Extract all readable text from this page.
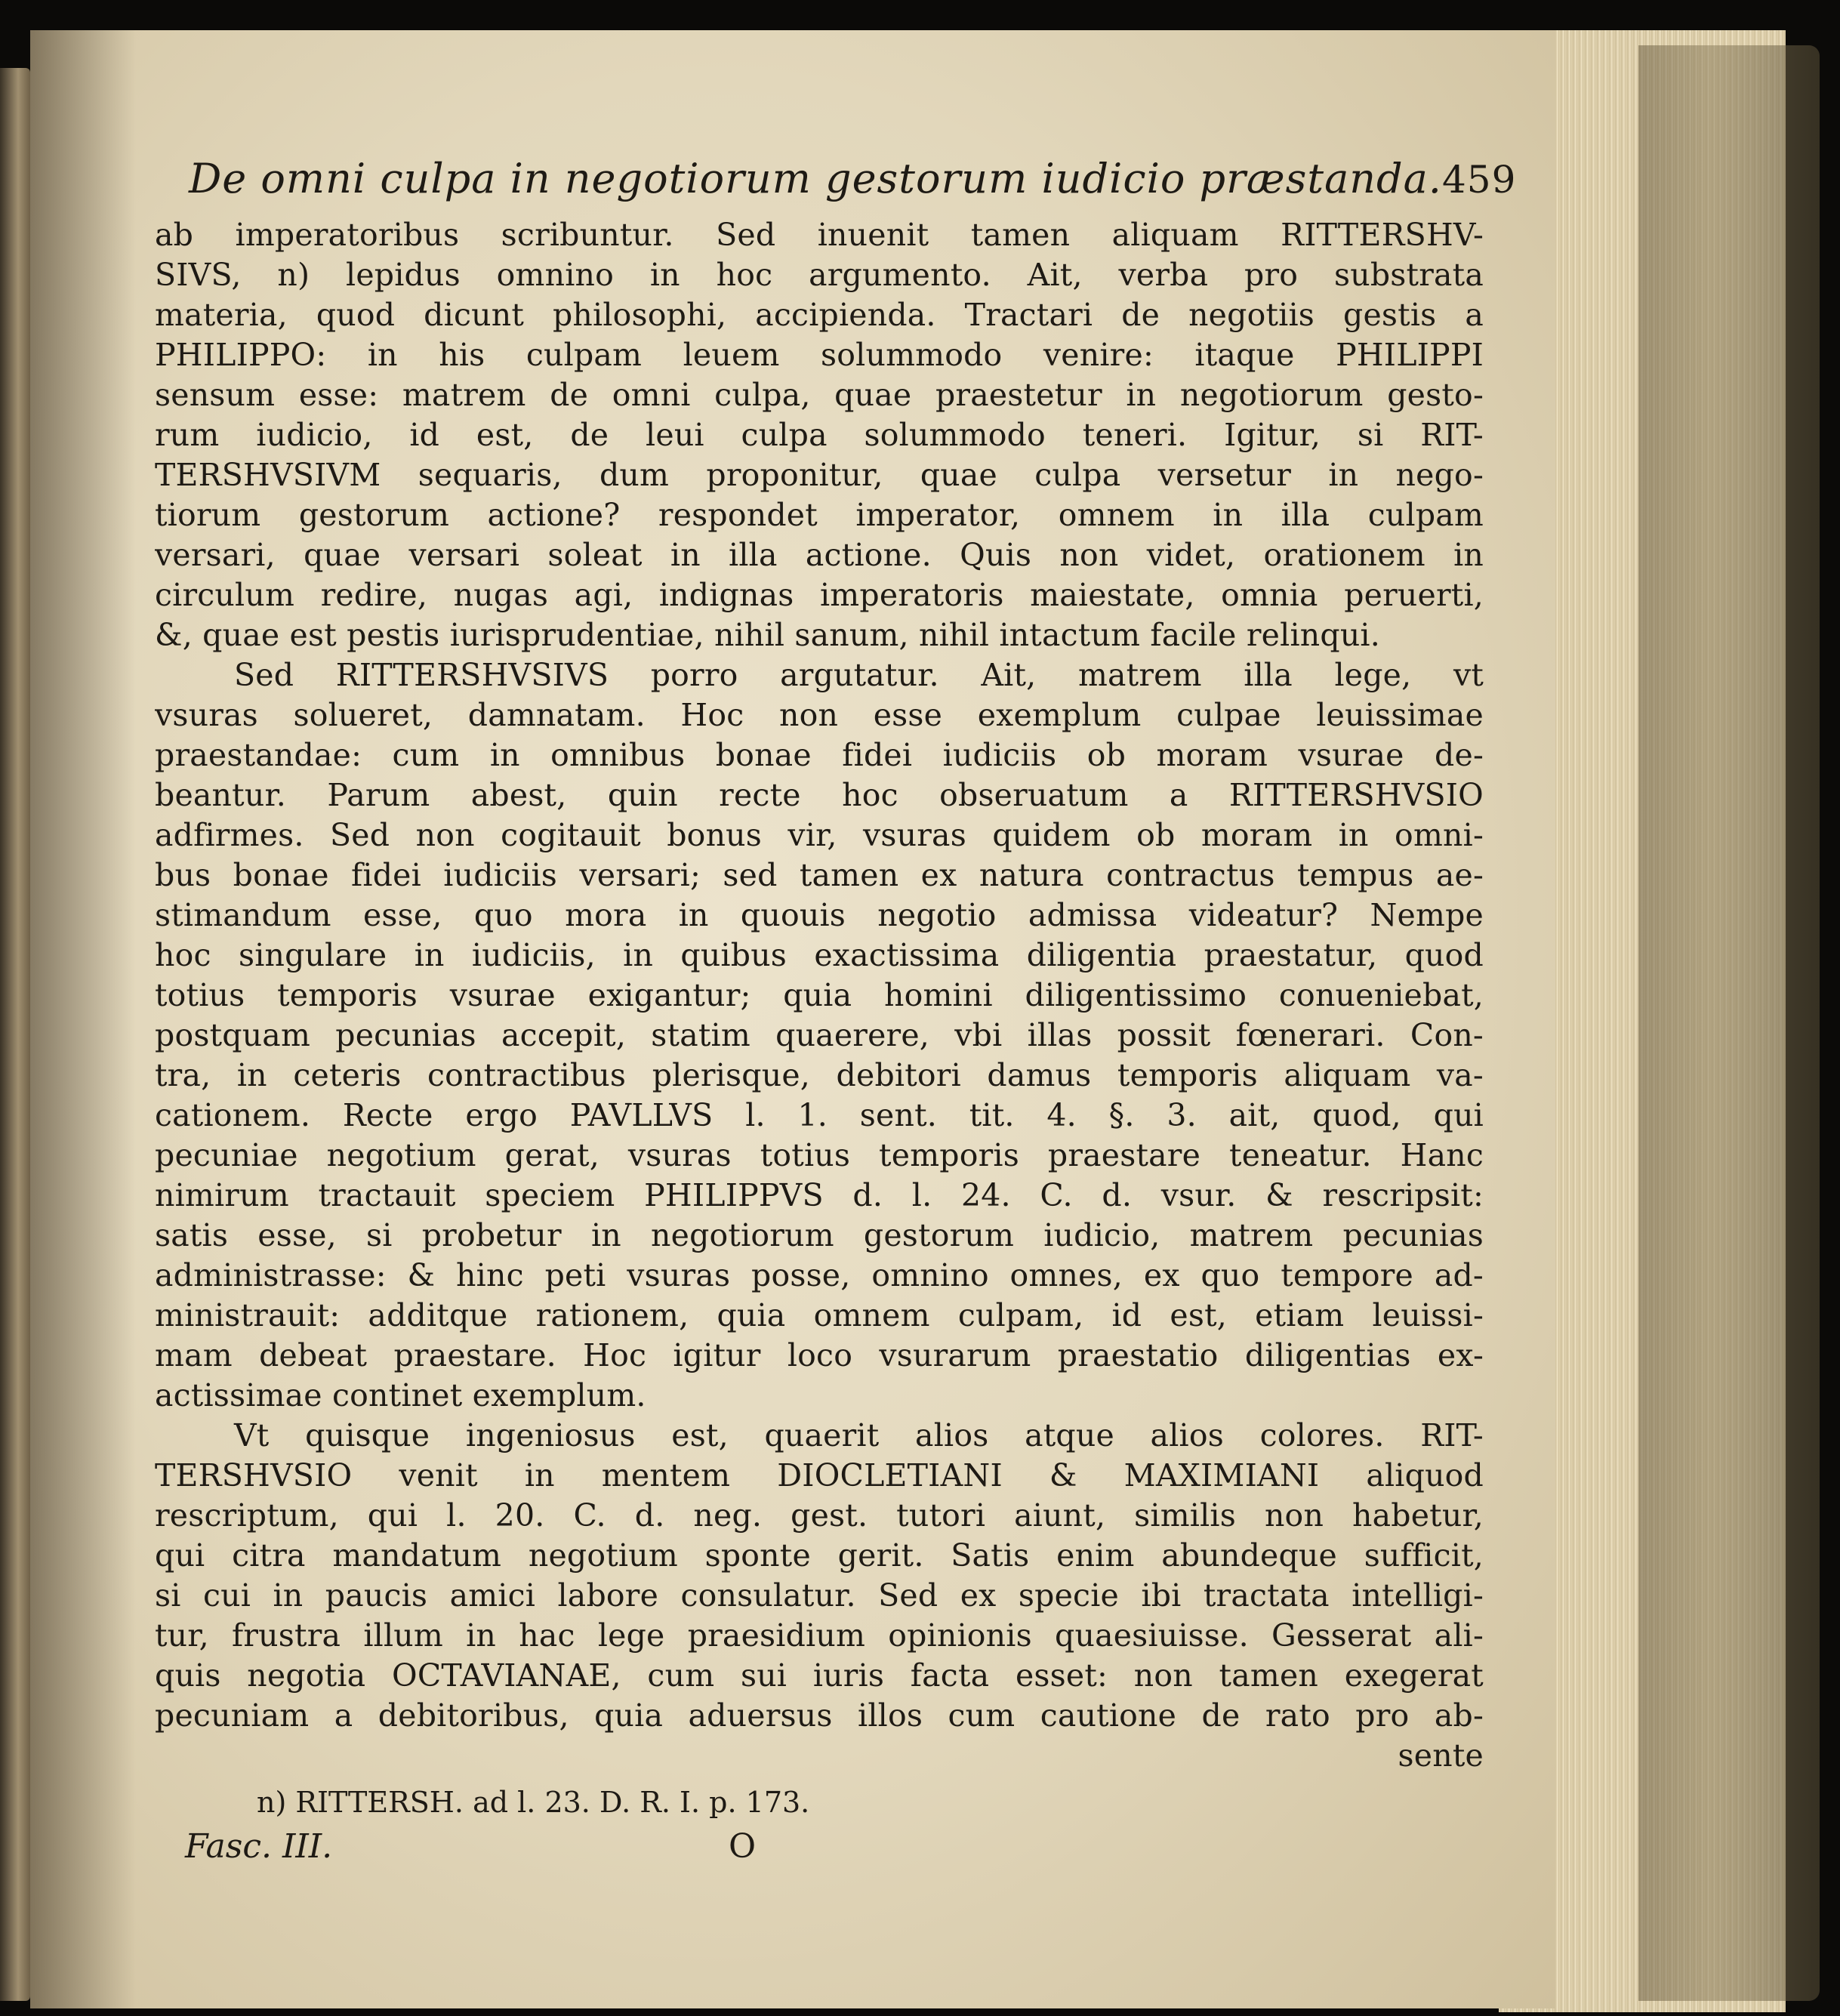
De omni culpa in negotiorum gestorum iudicio præstanda. 459
ab imperatoribus scribuntur. Sed inuenit tamen aliquam RITTERSHV-
SIVS, n) lepidus omnino in hoc argumento. Ait, verba pro substrata
materia, quod dicunt philosophi, accipienda. Tractari de negotiis gestis a
PHILIPPO: in his culpam leuem solummodo venire: itaque PHILIPPI
sensum esse: matrem de omni culpa, quae praestetur in negotiorum gesto-
rum iudicio, id est, de leui culpa solummodo teneri. Igitur, si RIT-
TERSHVSIVM sequaris, dum proponitur, quae culpa versetur in nego-
tiorum gestorum actione? respondet imperator, omnem in illa culpam
versari, quae versari soleat in illa actione. Quis non videt, orationem in
circulum redire, nugas agi, indignas imperatoris maiestate, omnia peruerti,
&, quae est pestis iurisprudentiae, nihil sanum, nihil intactum facile relinqui.
Sed RITTERSHVSIVS porro argutatur. Ait, matrem illa lege, vt
vsuras solueret, damnatam. Hoc non esse exemplum culpae leuissimae
praestandae: cum in omnibus bonae fidei iudiciis ob moram vsurae de-
beantur. Parum abest, quin recte hoc obseruatum a RITTERSHVSIO
adfirmes. Sed non cogitauit bonus vir, vsuras quidem ob moram in omni-
bus bonae fidei iudiciis versari; sed tamen ex natura contractus tempus ae-
stimandum esse, quo mora in quouis negotio admissa videatur? Nempe
hoc singulare in iudiciis, in quibus exactissima diligentia praestatur, quod
totius temporis vsurae exigantur; quia homini diligentissimo conueniebat,
postquam pecunias accepit, statim quaerere, vbi illas possit fœnerari. Con-
tra, in ceteris contractibus plerisque, debitori damus temporis aliquam va-
cationem. Recte ergo PAVLLVS l. 1. sent. tit. 4. §. 3. ait, quod, qui
pecuniae negotium gerat, vsuras totius temporis praestare teneatur. Hanc
nimirum tractauit speciem PHILIPPVS d. l. 24. C. d. vsur. & rescripsit:
satis esse, si probetur in negotiorum gestorum iudicio, matrem pecunias
administrasse: & hinc peti vsuras posse, omnino omnes, ex quo tempore ad-
ministrauit: additque rationem, quia omnem culpam, id est, etiam leuissi-
mam debeat praestare. Hoc igitur loco vsurarum praestatio diligentias ex-
actissimae continet exemplum.
Vt quisque ingeniosus est, quaerit alios atque alios colores. RIT-
TERSHVSIO venit in mentem DIOCLETIANI & MAXIMIANI aliquod
rescriptum, qui l. 20. C. d. neg. gest. tutori aiunt, similis non habetur,
qui citra mandatum negotium sponte gerit. Satis enim abundeque sufficit,
si cui in paucis amici labore consulatur. Sed ex specie ibi tractata intelligi-
tur, frustra illum in hac lege praesidium opinionis quaesiuisse. Gesserat ali-
quis negotia OCTAVIANAE, cum sui iuris facta esset: non tamen exegerat
pecuniam a debitoribus, quia aduersus illos cum cautione de rato pro ab-
sente
n) RITTERSH. ad l. 23. D. R. I. p. 173.
Fasc. III.	O
